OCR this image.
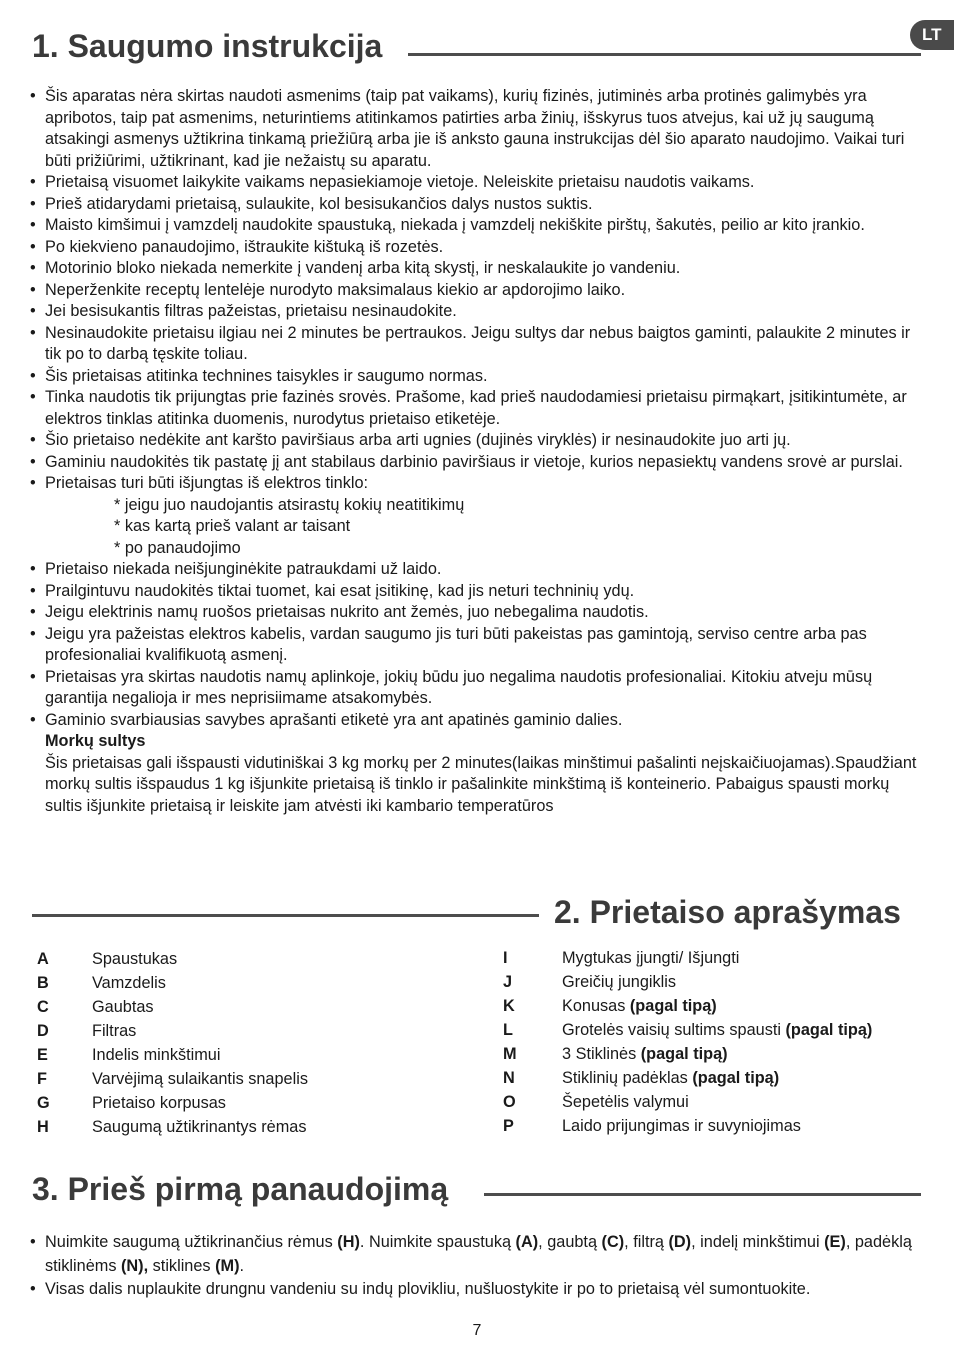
LT
1. Saugumo instrukcija
• Šis aparatas nėra skirtas naudoti asmenims (taip pat vaikams), kurių fizinės, jutiminės arba protinės galimybės yra apribotos, taip pat asmenims, neturintiems atitinkamos patirties arba žinių, išskyrus tuos atvejus, kai už jų saugumą atsakingi asmenys užtikrina tinkamą priežiūrą arba jie iš anksto gauna instrukcijas dėl šio aparato naudojimo. Vaikai turi būti prižiūrimi, užtikrinant, kad jie nežaistų su aparatu.
• Prietaisą visuomet laikykite vaikams nepasiekiamoje vietoje. Neleiskite prietaisu naudotis vaikams.
• Prieš atidarydami prietaisą, sulaukite, kol besisukančios dalys nustos suktis.
• Maisto kimšimui į vamzdelį naudokite spaustuką, niekada į vamzdelį nekiškite pirštų, šakutės, peilio ar kito įrankio.
• Po kiekvieno panaudojimo, ištraukite kištuką iš rozetės.
• Motorinio bloko niekada nemerkite į vandenį arba kitą skystį, ir neskalaukite jo vandeniu.
• Neperženkite receptų lentelėje nurodyto maksimalaus kiekio ar apdorojimo laiko.
• Jei besisukantis filtras pažeistas, prietaisu nesinaudokite.
• Nesinaudokite prietaisu ilgiau nei 2 minutes be pertraukos. Jeigu sultys dar nebus baigtos gaminti, palaukite 2 minutes ir tik po to darbą tęskite toliau.
• Šis prietaisas atitinka technines taisykles ir saugumo normas.
• Tinka naudotis tik prijungtas prie fazinės srovės. Prašome, kad prieš naudodamiesi prietaisu pirmąkart, įsitikintumėte, ar elektros tinklas atitinka duomenis, nurodytus prietaiso etiketėje.
• Šio prietaiso nedėkite ant karšto paviršiaus arba arti ugnies (dujinės viryklės) ir nesinaudokite juo arti jų.
• Gaminiu naudokitės tik pastatę jį ant stabilaus darbinio paviršiaus ir vietoje, kurios nepasiektų vandens srovė ar purslai.
• Prietaisas turi būti išjungtas iš elektros tinklo:
* jeigu juo naudojantis atsirastų kokių neatitikimų
* kas kartą prieš valant ar taisant
* po panaudojimo
• Prietaiso niekada neišjunginėkite patraukdami už laido.
• Prailgintuvu naudokitės tiktai tuomet, kai esat įsitikinę, kad jis neturi techninių ydų.
• Jeigu elektrinis namų ruošos prietaisas nukrito ant žemės, juo nebegalima naudotis.
• Jeigu yra pažeistas elektros kabelis, vardan saugumo jis turi būti pakeistas pas gamintoją, serviso centre arba pas profesionaliai kvalifikuotą asmenį.
• Prietaisas yra skirtas naudotis namų aplinkoje, jokių būdu juo negalima naudotis profesionaliai. Kitokiu atveju mūsų garantija negalioja ir mes neprisiimame atsakomybės.
• Gaminio svarbiausias savybes aprašanti etiketė yra ant apatinės gaminio dalies.
Morkų sultys
Šis prietaisas gali išspausti vidutiniškai 3 kg morkų per 2 minutes(laikas minštimui pašalinti neįskaičiuojamas).Spaudžiant morkų sultis išspaudus 1 kg išjunkite prietaisą iš tinklo ir pašalinkite minkštimą iš konteinerio. Pabaigus spausti morkų sultis išjunkite prietaisą ir leiskite jam atvėsti iki kambario temperatūros
2. Prietaiso aprašymas
A	Spaustukas
B	Vamzdelis
C	Gaubtas
D	Filtras
E	Indelis minkštimui
F	Varvėjimą sulaikantis snapelis
G	Prietaiso korpusas
H	Saugumą užtikrinantys rėmas
I	Mygtukas įjungti/ Išjungti
J	Greičių jungiklis
K	Konusas (pagal tipą)
L	Grotelės vaisių sultims spausti (pagal tipą)
M	3 Stiklinės (pagal tipą)
N	Stiklinių padėklas (pagal tipą)
O	Šepetėlis valymui
P	Laido prijungimas ir suvyniojimas
3. Prieš pirmą panaudojimą
• Nuimkite saugumą užtikrinančius rėmus (H). Nuimkite spaustuką (A), gaubtą (C), filtrą (D), indelį minkštimui (E), padėklą stiklinėms (N), stiklines (M).
• Visas dalis nuplaukite drungnu vandeniu su indų plovikliu, nušluostykite ir po to prietaisą vėl sumontuokite.
7
